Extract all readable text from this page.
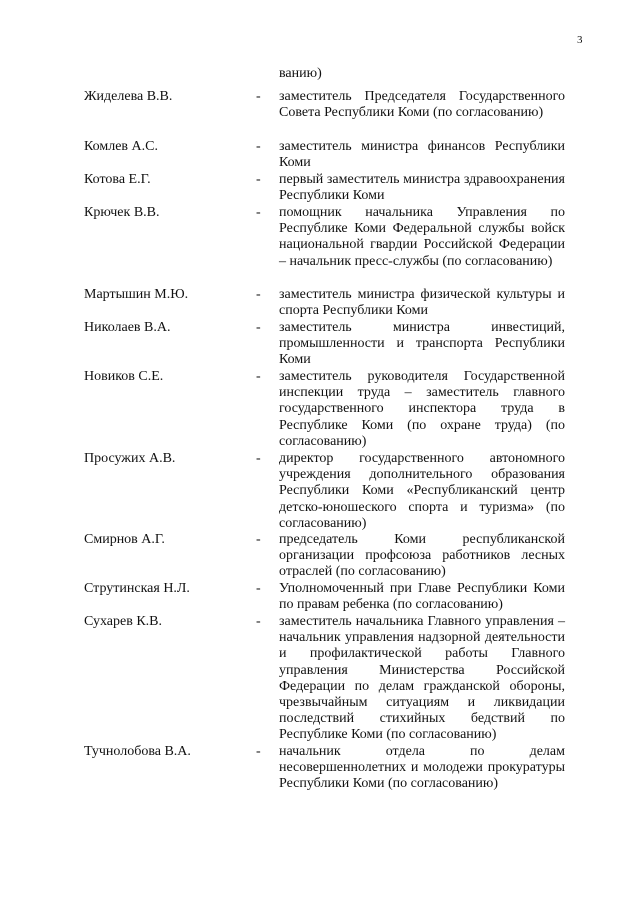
3
ванию)
Жиделева В.В.	- заместитель Председателя Государственного Совета Республики Коми (по согласованию)
Комлев А.С.	- заместитель министра финансов Республики Коми
Котова Е.Г.	- первый заместитель министра здравоохранения Республики Коми
Крючек В.В.	- помощник начальника Управления по Республике Коми Федеральной службы войск национальной гвардии Российской Федерации – начальник пресс-службы (по согласованию)
Мартышин М.Ю.	- заместитель министра физической культуры и спорта Республики Коми
Николаев В.А.	- заместитель министра инвестиций, промышленности и транспорта Республики Коми
Новиков С.Е.	- заместитель руководителя Государственной инспекции труда – заместитель главного государственного инспектора труда в Республике Коми (по охране труда) (по согласованию)
Просужих А.В.	- директор государственного автономного учреждения дополнительного образования Республики Коми «Республиканский центр детско-юношеского спорта и туризма» (по согласованию)
Смирнов А.Г.	- председатель Коми республиканской организации профсоюза работников лесных отраслей (по согласованию)
Струтинская Н.Л.	- Уполномоченный при Главе Республики Коми по правам ребенка (по согласованию)
Сухарев К.В.	- заместитель начальника Главного управления – начальник управления надзорной деятельности и профилактической работы Главного управления Министерства Российской Федерации по делам гражданской обороны, чрезвычайным ситуациям и ликвидации последствий стихийных бедствий по Республике Коми (по согласованию)
Тучнолобова В.А.	- начальник отдела по делам несовершеннолетних и молодежи прокуратуры Республики Коми (по согласованию)
